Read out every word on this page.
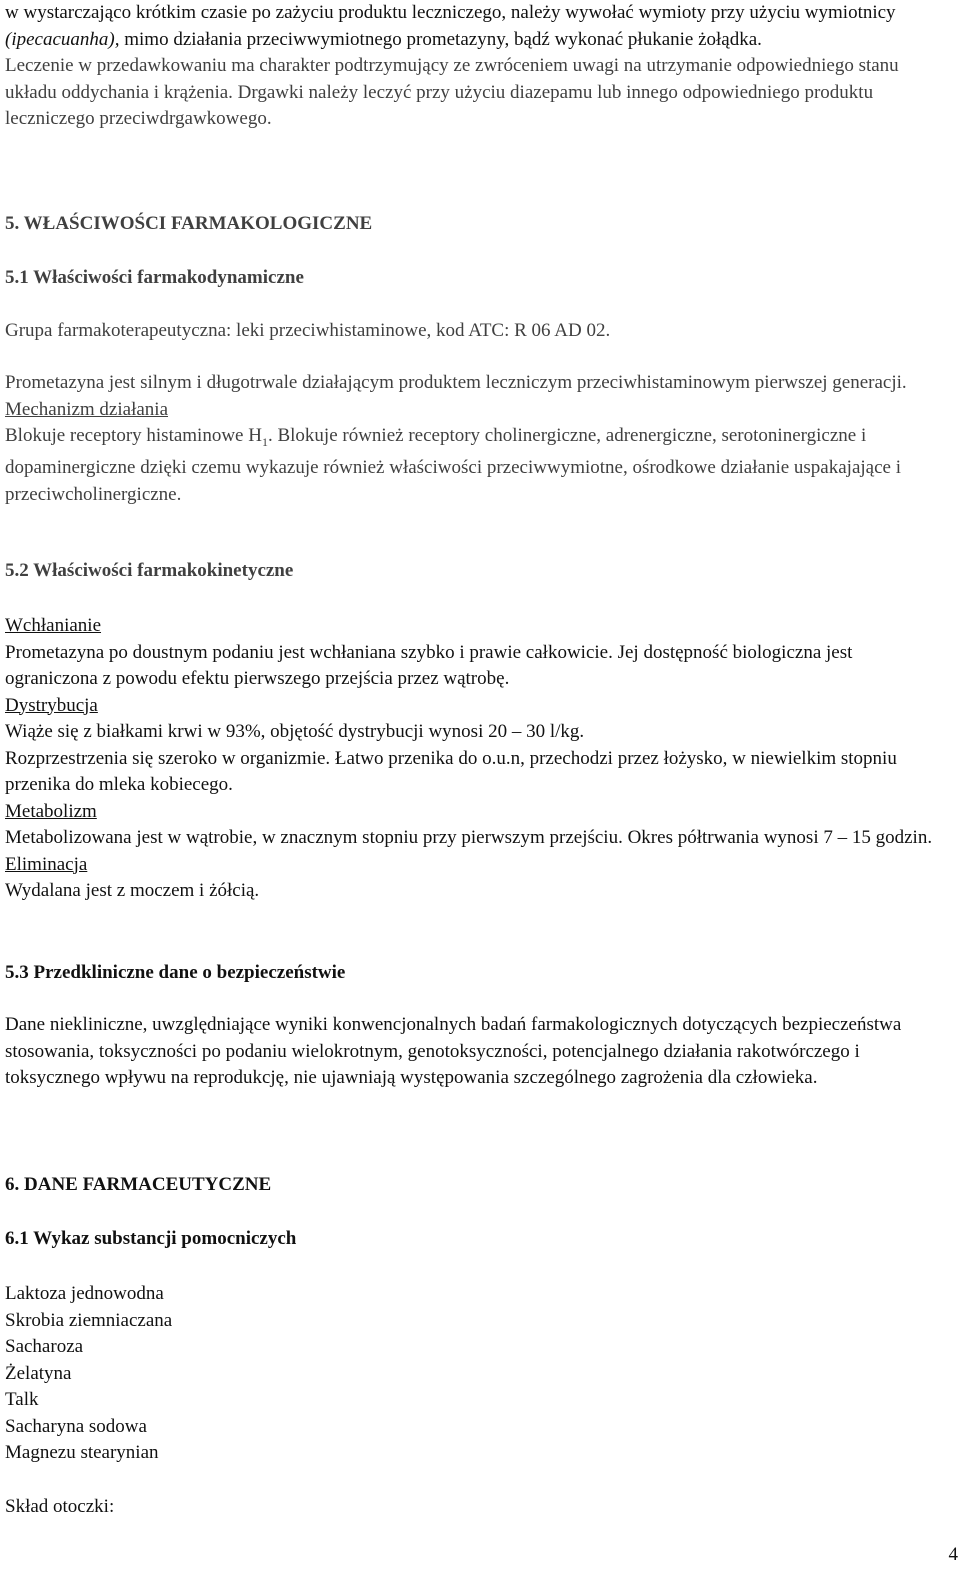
w wystarczająco krótkim czasie po zażyciu produktu leczniczego, należy wywołać wymioty przy użyciu wymiotnicy (ipecacuanha), mimo działania przeciwwymiotnego prometazyny, bądź wykonać płukanie żołądka.

Leczenie w przedawkowaniu ma charakter podtrzymujący ze zwróceniem uwagi na utrzymanie odpowiedniego stanu układu oddychania i krążenia. Drgawki należy leczyć przy użyciu diazepamu lub innego odpowiedniego produktu leczniczego przeciwdrgawkowego.

5. WŁAŚCIWOŚCI FARMAKOLOGICZNE
5.1 Właściwości farmakodynamiczne

Grupa farmakoterapeutyczna: leki przeciwhistaminowe, kod ATC: R 06 AD 02.

Prometazyna jest silnym i długotrwale działającym produktem leczniczym przeciwhistaminowym pierwszej generacji.

Mechanizm działania

Blokuje receptory histaminowe $H_1$. Blokuje również receptory cholinergiczne, adrenergiczne, serotoninergiczne i dopaminergiczne dzięki czemu wykazuje również właściwości przeciwwymiotne, ośrodkowe działanie uspakajające i przeciwcholinergiczne.

5.2 Właściwości farmakokinetyczne

Wchłanianie

Prometazyna po doustnym podaniu jest wchłaniana szybko i prawie całkowicie. Jej dostępność biologiczna jest ograniczona z powodu efektu pierwszego przejścia przez wątrobę.

Dystrybucja

Wiąże się z białkami krwi w 93%, objętość dystrybucji wynosi 20 – 30 l/kg.

Rozprzestrzenia się szeroko w organizmie. Łatwo przenika do o.u.n, przechodzi przez łożysko, w niewielkim stopniu przenika do mleka kobiecego.

Metabolizm

Metabolizowana jest w wątrobie, w znacznym stopniu przy pierwszym przejściu. Okres półtrwania wynosi 7 – 15 godzin.

Eliminacja

Wydalana jest z moczem i żółcią.

5.3 Przedkliniczne dane o bezpieczeństwie

Dane niekliniczne, uwzględniające wyniki konwencjonalnych badań farmakologicznych dotyczących bezpieczeństwa stosowania, toksyczności po podaniu wielokrotnym, genotoksyczności, potencjalnego działania rakotwórczego i toksycznego wpływu na reprodukcję, nie ujawniają występowania szczególnego zagrożenia dla człowieka.

6. DANE FARMACEUTYCZNE
6.1 Wykaz substancji pomocniczych

Laktoza jednowodna

Skrobia ziemniaczana

Sacharoza

Żelatyna

Talk

Sacharyna sodowa

Magnezu stearynian

Skład otoczki:

4
